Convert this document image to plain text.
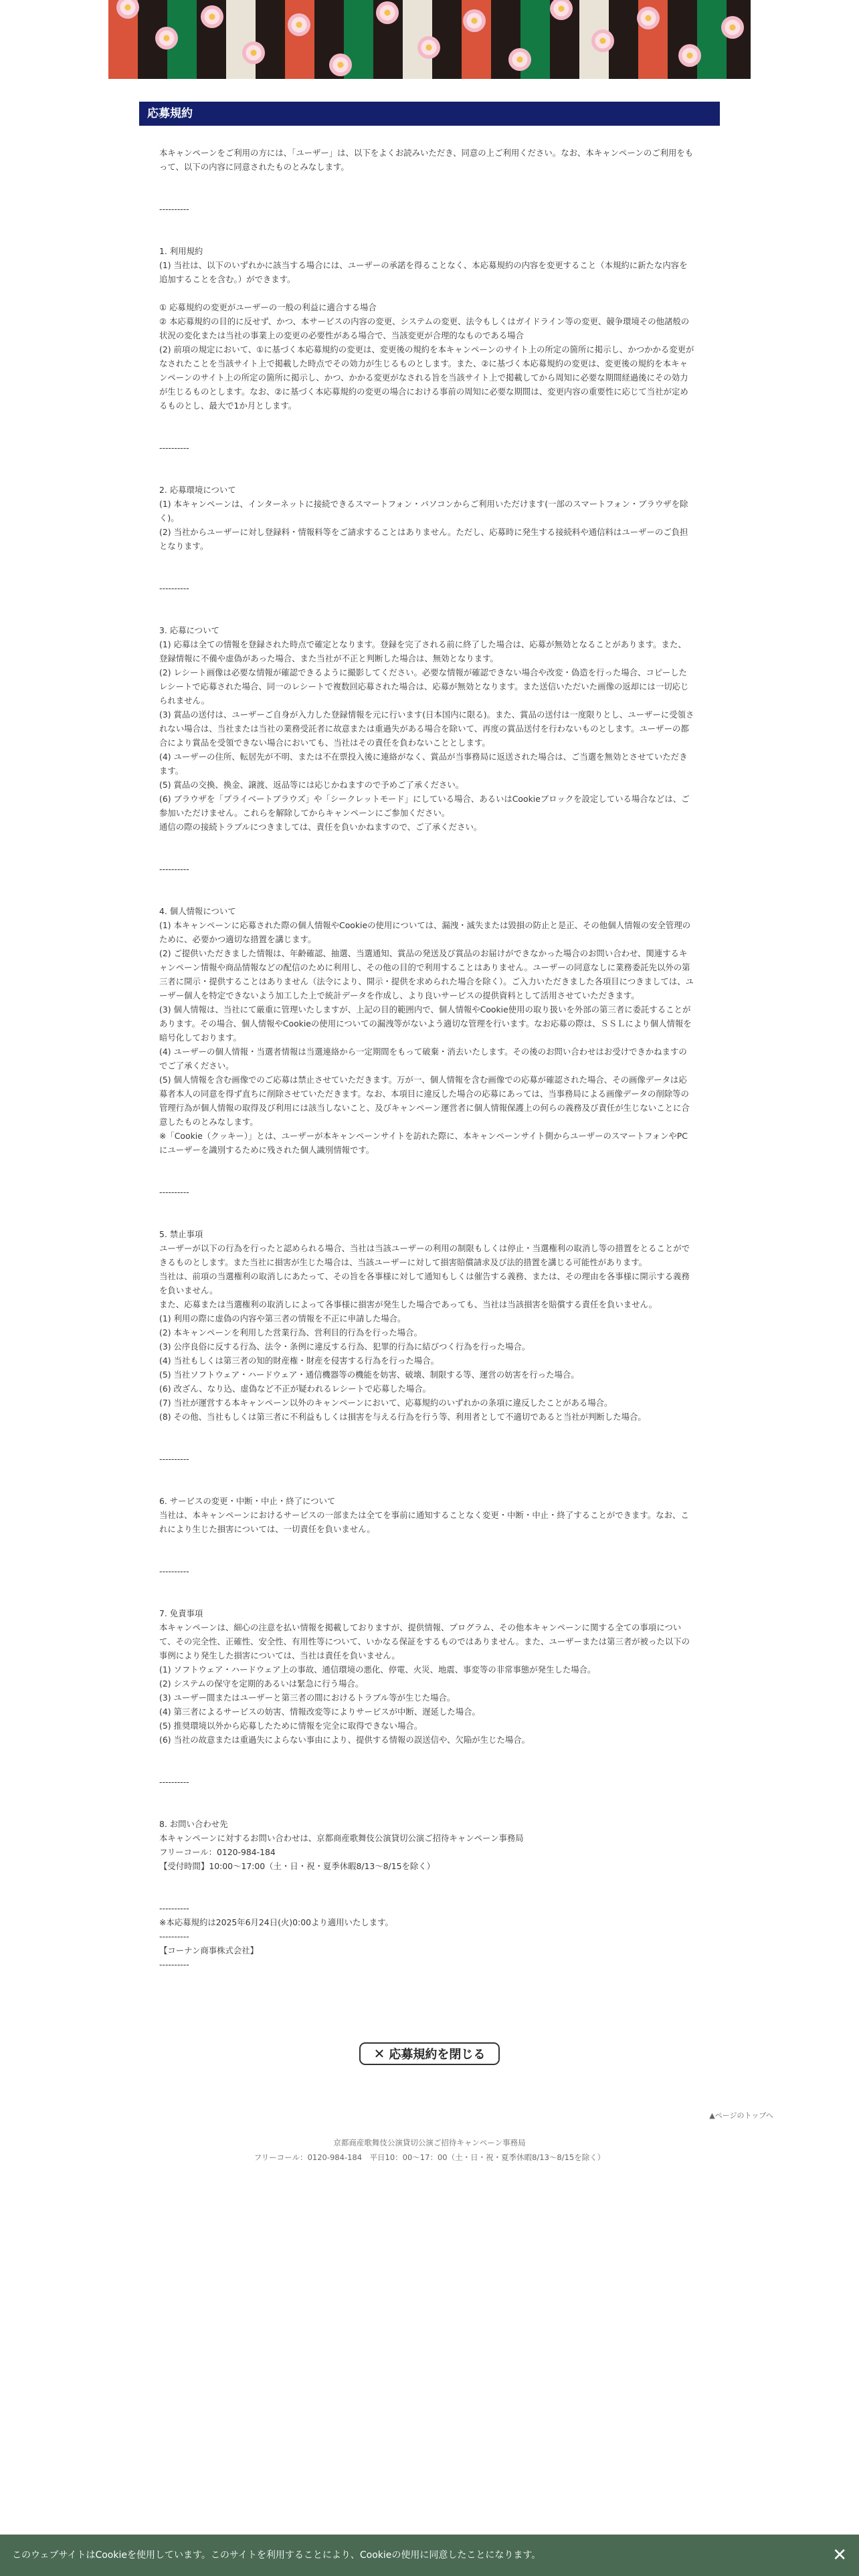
応募規約

本キャンペーンをご利用の方には、「ユーザー」は、以下をよくお読みいただき、同意の上ご利用ください。なお、本キャンペーンのご利用をもって、以下の内容に同意されたものとみなします。

----------

1. 利用規約
(1) 当社は、以下のいずれかに該当する場合には、ユーザーの承諾を得ることなく、本応募規約の内容を変更すること（本規約に新たな内容を追加することを含む。）ができます。

① 応募規約の変更がユーザーの一般の利益に適合する場合
② 本応募規約の目的に反せず、かつ、本サービスの内容の変更、システムの変更、法令もしくはガイドライン等の変更、競争環境その他諸般の状況の変化または当社の事業上の変更の必要性がある場合で、当該変更が合理的なものである場合
(2) 前項の規定において、①に基づく本応募規約の変更は、変更後の規約を本キャンペーンのサイト上の所定の箇所に掲示し、かつかかる変更がなされたことを当該サイト上で掲載した時点でその効力が生じるものとします。また、②に基づく本応募規約の変更は、変更後の規約を本キャンペーンのサイト上の所定の箇所に掲示し、かつ、かかる変更がなされる旨を当該サイト上で掲載してから周知に必要な期間経過後にその効力が生じるものとします。なお、②に基づく本応募規約の変更の場合における事前の周知に必要な期間は、変更内容の重要性に応じて当社が定めるものとし、最大で1か月とします。

----------

2. 応募環境について
(1) 本キャンペーンは、インターネットに接続できるスマートフォン・パソコンからご利用いただけます(一部のスマートフォン・ブラウザを除く)。
(2) 当社からユーザーに対し登録料・情報料等をご請求することはありません。ただし、応募時に発生する接続料や通信料はユーザーのご負担となります。

----------

3. 応募について
(1) 応募は全ての情報を登録された時点で確定となります。登録を完了される前に終了した場合は、応募が無効となることがあります。また、登録情報に不備や虚偽があった場合、また当社が不正と判断した場合は、無効となります。
(2) レシート画像は必要な情報が確認できるように撮影してください。必要な情報が確認できない場合や改変・偽造を行った場合、コピーしたレシートで応募された場合、同一のレシートで複数回応募された場合は、応募が無効となります。また送信いただいた画像の返却には一切応じられません。
(3) 賞品の送付は、ユーザーご自身が入力した登録情報を元に行います(日本国内に限る)。また、賞品の送付は一度限りとし、ユーザーに受領されない場合は、当社または当社の業務受託者に故意または重過失がある場合を除いて、再度の賞品送付を行わないものとします。ユーザーの都合により賞品を受領できない場合においても、当社はその責任を負わないこととします。
(4) ユーザーの住所、転居先が不明、または不在票投入後に連絡がなく、賞品が当事務局に返送された場合は、ご当選を無効とさせていただきます。
(5) 賞品の交換、換金、譲渡、返品等には応じかねますので予めご了承ください。
(6) ブラウザを「プライベートブラウズ」や「シークレットモード」にしている場合、あるいはCookieブロックを設定している場合などは、ご参加いただけません。これらを解除してからキャンペーンにご参加ください。
通信の際の接続トラブルにつきましては、責任を負いかねますので、ご了承ください。

----------

4. 個人情報について
(1) 本キャンペーンに応募された際の個人情報やCookieの使用については、漏洩・滅失または毀損の防止と是正、その他個人情報の安全管理のために、必要かつ適切な措置を講じます。
(2) ご提供いただきました情報は、年齢確認、抽選、当選通知、賞品の発送及び賞品のお届けができなかった場合のお問い合わせ、関連するキャンペーン情報や商品情報などの配信のために利用し、その他の目的で利用することはありません。ユーザーの同意なしに業務委託先以外の第三者に開示・提供することはありません（法令により、開示・提供を求められた場合を除く）。ご入力いただきました各項目につきましては、ユーザー個人を特定できないよう加工した上で統計データを作成し、より良いサービスの提供資料として活用させていただきます。
(3) 個人情報は、当社にて厳重に管理いたしますが、上記の目的範囲内で、個人情報やCookie使用の取り扱いを外部の第三者に委託することがあります。その場合、個人情報やCookieの使用についての漏洩等がないよう適切な管理を行います。なお応募の際は、ＳＳＬにより個人情報を暗号化しております。
(4) ユーザーの個人情報・当選者情報は当選連絡から一定期間をもって破棄・消去いたします。その後のお問い合わせはお受けできかねますのでご了承ください。
(5) 個人情報を含む画像でのご応募は禁止させていただきます。万が一、個人情報を含む画像での応募が確認された場合、その画像データは応募者本人の同意を得ず直ちに削除させていただきます。なお、本項目に違反した場合の応募にあっては、当事務局による画像データの削除等の管理行為が個人情報の取得及び利用には該当しないこと、及びキャンペーン運営者に個人情報保護上の何らの義務及び責任が生じないことに合意したものとみなします。
※「Cookie（クッキー）」とは、ユーザーが本キャンペーンサイトを訪れた際に、本キャンペーンサイト側からユーザーのスマートフォンやPCにユーザーを識別するために残された個人識別情報です。

----------

5. 禁止事項
ユーザーが以下の行為を行ったと認められる場合、当社は当該ユーザーの利用の制限もしくは停止・当選権利の取消し等の措置をとることができるものとします。また当社に損害が生じた場合は、当該ユーザーに対して損害賠償請求及び法的措置を講じる可能性があります。
当社は、前項の当選権利の取消しにあたって、その旨を各事様に対して通知もしくは催告する義務、または、その理由を各事様に開示する義務を負いません。
また、応募または当選権利の取消しによって各事様に損害が発生した場合であっても、当社は当該損害を賠償する責任を負いません。
(1) 利用の際に虚偽の内容や第三者の情報を不正に申請した場合。
(2) 本キャンペーンを利用した営業行為、営利目的行為を行った場合。
(3) 公序良俗に反する行為、法令・条例に違反する行為、犯罪的行為に結びつく行為を行った場合。
(4) 当社もしくは第三者の知的財産権・財産を侵害する行為を行った場合。
(5) 当社ソフトウェア・ハードウェア・通信機器等の機能を妨害、破壊、制限する等、運営の妨害を行った場合。
(6) 改ざん、なり込、虚偽など不正が疑われるレシートで応募した場合。
(7) 当社が運営する本キャンペーン以外のキャンペーンにおいて、応募規約のいずれかの条項に違反したことがある場合。
(8) その他、当社もしくは第三者に不利益もしくは損害を与える行為を行う等、利用者として不適切であると当社が判断した場合。

----------

6. サービスの変更・中断・中止・終了について
当社は、本キャンペーンにおけるサービスの一部または全てを事前に通知することなく変更・中断・中止・終了することができます。なお、これにより生じた損害については、一切責任を負いません。

----------

7. 免責事項
本キャンペーンは、細心の注意を払い情報を掲載しておりますが、提供情報、プログラム、その他本キャンペーンに関する全ての事項について、その完全性、正確性、安全性、有用性等について、いかなる保証をするものではありません。また、ユーザーまたは第三者が被った以下の事例により発生した損害については、当社は責任を負いません。
(1) ソフトウェア・ハードウェア上の事故、通信環境の悪化、停電、火災、地震、事変等の非常事態が発生した場合。
(2) システムの保守を定期的あるいは緊急に行う場合。
(3) ユーザー間またはユーザーと第三者の間におけるトラブル等が生じた場合。
(4) 第三者によるサービスの妨害、情報改変等によりサービスが中断、遅延した場合。
(5) 推奨環境以外から応募したために情報を完全に取得できない場合。
(6) 当社の故意または重過失によらない事由により、提供する情報の誤送信や、欠陥が生じた場合。

----------

8. お問い合わせ先
本キャンペーンに対するお問い合わせは、京都商産歌舞伎公演貸切公演ご招待キャンペーン事務局
フリーコール：0120-984-184
【受付時間】10:00～17:00（土・日・祝・夏季休暇8/13～8/15を除く）

----------
※本応募規約は2025年6月24日(火)0:00より適用いたします。
----------
【コーナン商事株式会社】
----------

✕ 応募規約を閉じる
▲ページのトップへ
京都商産歌舞伎公演貸切公演ご招待キャンペーン事務局
フリーコール：0120-984-184　平日10：00〜17：00（土・日・祝・夏季休暇8/13〜8/15を除く）
このウェブサイトはCookieを使用しています。このサイトを利用することにより、Cookieの使用に同意したことになります。	✕
